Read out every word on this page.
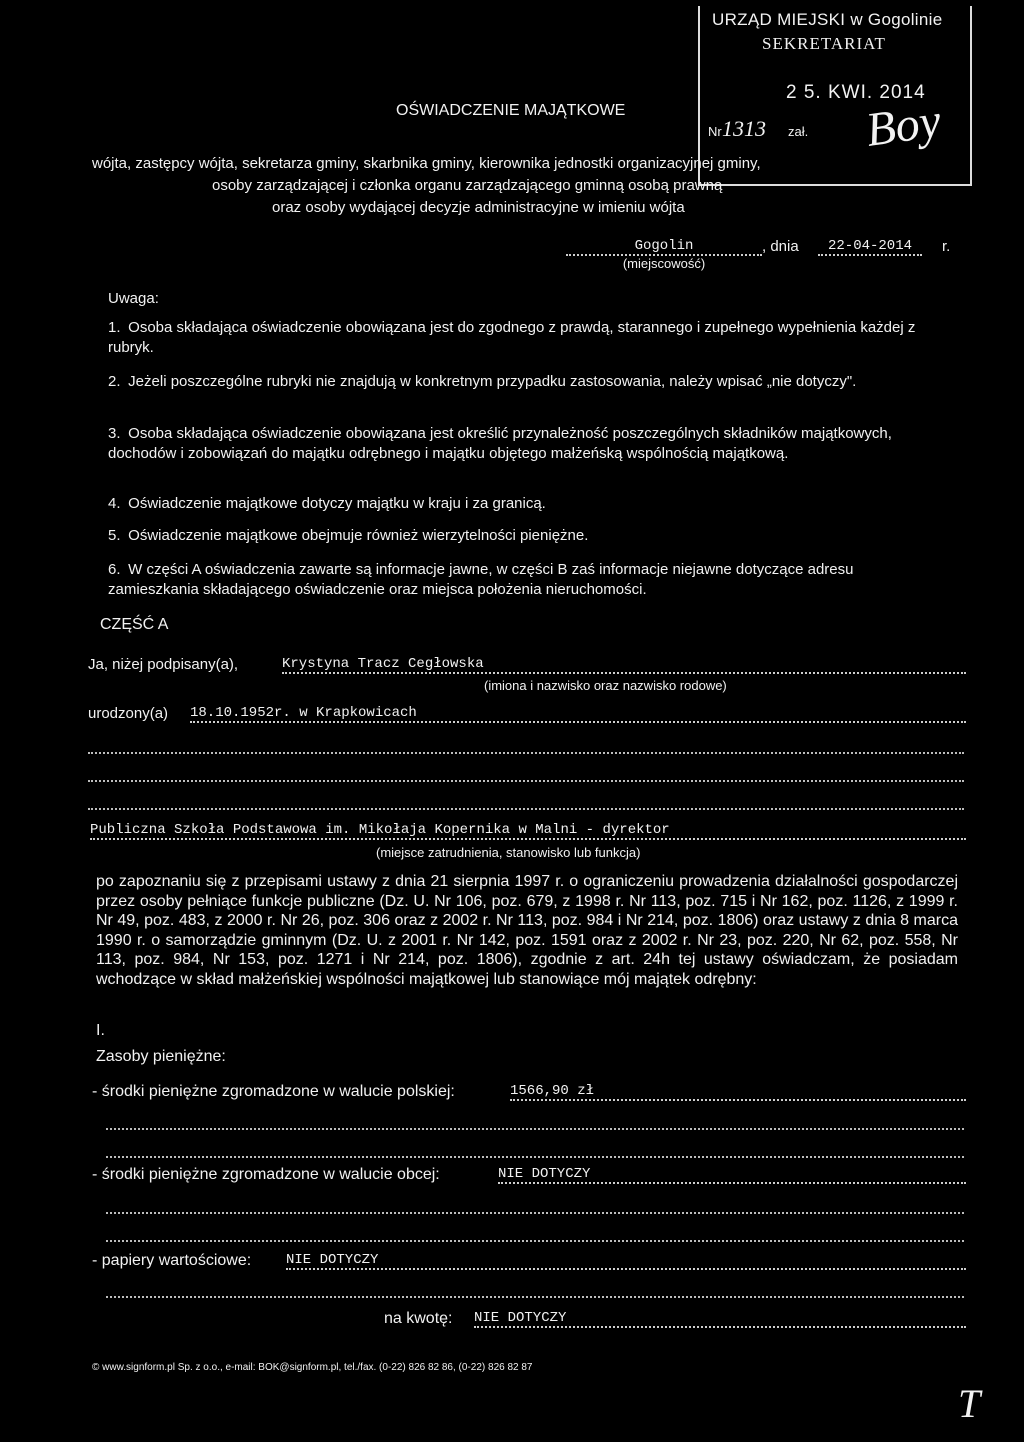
URZĄD MIEJSKI w Gogolinie
SEKRETARIAT
2 5. KWI. 2014
Nr 1313 zał. Boy
OŚWIADCZENIE MAJĄTKOWE
wójta, zastępcy wójta, sekretarza gminy, skarbnika gminy, kierownika jednostki organizacyjnej gminy,
osoby zarządzającej i członka organu zarządzającego gminną osobą prawną
oraz osoby wydającej decyzje administracyjne w imieniu wójta
Gogolin
(miejscowość)
, dnia	22-04-2014	r.
Uwaga:
1. Osoba składająca oświadczenie obowiązana jest do zgodnego z prawdą, starannego i zupełnego wypełnienia każdej z rubryk.
2. Jeżeli poszczególne rubryki nie znajdują w konkretnym przypadku zastosowania, należy wpisać „nie dotyczy".
3. Osoba składająca oświadczenie obowiązana jest określić przynależność poszczególnych składników majątkowych, dochodów i zobowiązań do majątku odrębnego i majątku objętego małżeńską wspólnością majątkową.
4. Oświadczenie majątkowe dotyczy majątku w kraju i za granicą.
5. Oświadczenie majątkowe obejmuje również wierzytelności pieniężne.
6. W części A oświadczenia zawarte są informacje jawne, w części B zaś informacje niejawne dotyczące adresu zamieszkania składającego oświadczenie oraz miejsca położenia nieruchomości.
CZĘŚĆ A
Ja, niżej podpisany(a),	Krystyna Tracz Cegłowska
(imiona i nazwisko oraz nazwisko rodowe)
urodzony(a) 18.10.1952r. w Krapkowicach
Publiczna Szkoła Podstawowa im. Mikołaja Kopernika w Malni - dyrektor
(miejsce zatrudnienia, stanowisko lub funkcja)
po zapoznaniu się z przepisami ustawy z dnia 21 sierpnia 1997 r. o ograniczeniu prowadzenia działalności gospodarczej przez osoby pełniące funkcje publiczne (Dz. U. Nr 106, poz. 679, z 1998 r. Nr 113, poz. 715 i Nr 162, poz. 1126, z 1999 r. Nr 49, poz. 483, z 2000 r. Nr 26, poz. 306 oraz z 2002 r. Nr 113, poz. 984 i Nr 214, poz. 1806) oraz ustawy z dnia 8 marca 1990 r. o samorządzie gminnym (Dz. U. z 2001 r. Nr 142, poz. 1591 oraz z 2002 r. Nr 23, poz. 220, Nr 62, poz. 558, Nr 113, poz. 984, Nr 153, poz. 1271 i Nr 214, poz. 1806), zgodnie z art. 24h tej ustawy oświadczam, że posiadam wchodzące w skład małżeńskiej wspólności majątkowej lub stanowiące mój majątek odrębny:
I.
Zasoby pieniężne:
- środki pieniężne zgromadzone w walucie polskiej:	1566,90 zł
- środki pieniężne zgromadzone w walucie obcej:	NIE DOTYCZY
- papiery wartościowe: NIE DOTYCZY
na kwotę: NIE DOTYCZY
© www.signform.pl Sp. z o.o., e-mail: BOK@signform.pl, tel./fax. (0-22) 826 82 86, (0-22) 826 82 87
T
